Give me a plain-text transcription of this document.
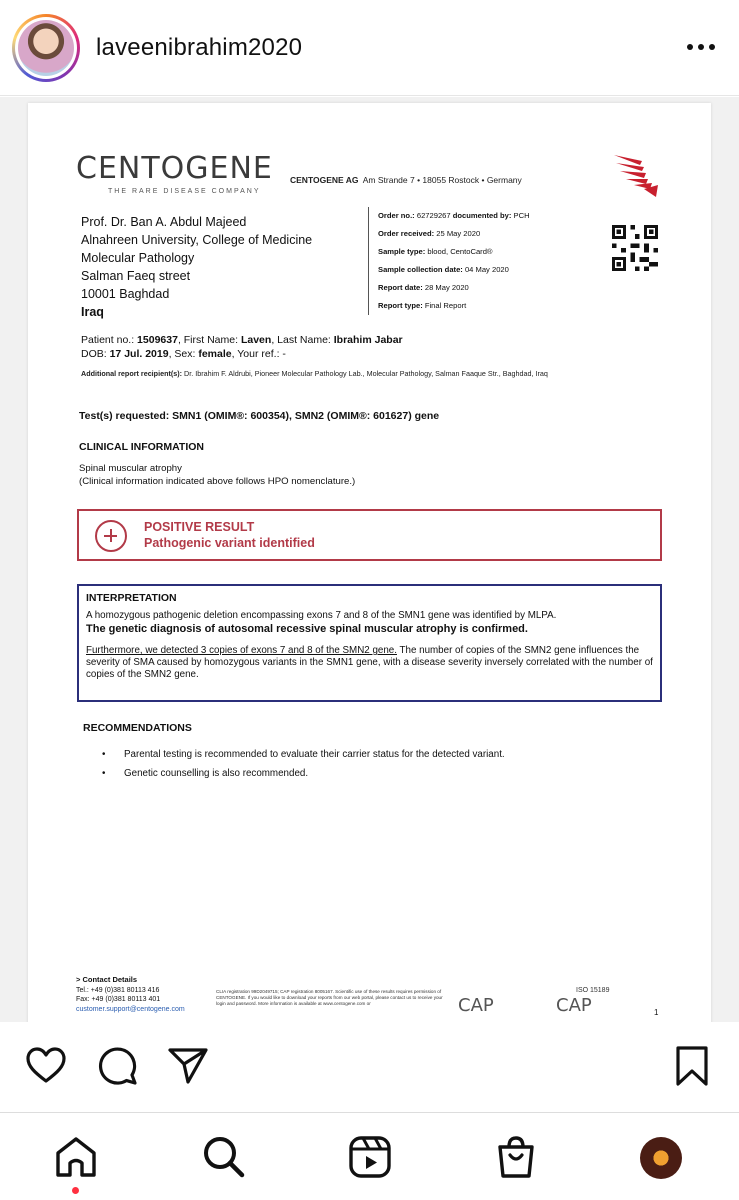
laveenibrahim2020
CENTOGENE
THE RARE DISEASE COMPANY
CENTOGENE AG Am Strande 7 • 18055 Rostock • Germany
Prof. Dr. Ban A. Abdul Majeed
Alnahreen University, College of Medicine
Molecular Pathology
Salman Faeq street
10001 Baghdad
Iraq
Order no.: 62729267 documented by: PCH
Order received: 25 May 2020
Sample type: blood, CentoCard®
Sample collection date: 04 May 2020
Report date: 28 May 2020
Report type: Final Report
Patient no.: 1509637, First Name: Laven, Last Name: Ibrahim Jabar
DOB: 17 Jul. 2019, Sex: female, Your ref.: -
Additional report recipient(s): Dr. Ibrahim F. Aldrubi, Pioneer Molecular Pathology Lab., Molecular Pathology, Salman Faaque Str., Baghdad, Iraq
Test(s) requested: SMN1 (OMIM®: 600354), SMN2 (OMIM®: 601627) gene
CLINICAL INFORMATION
Spinal muscular atrophy
(Clinical information indicated above follows HPO nomenclature.)
POSITIVE RESULT
Pathogenic variant identified
INTERPRETATION
A homozygous pathogenic deletion encompassing exons 7 and 8 of the SMN1 gene was identified by MLPA.
The genetic diagnosis of autosomal recessive spinal muscular atrophy is confirmed.
Furthermore, we detected 3 copies of exons 7 and 8 of the SMN2 gene. The number of copies of the SMN2 gene influences the severity of SMA caused by homozygous variants in the SMN1 gene, with a disease severity inversely correlated with the number of copies of the SMN2 gene.
RECOMMENDATIONS
• Parental testing is recommended to evaluate their carrier status for the detected variant.
• Genetic counselling is also recommended.
> Contact Details
Tel.: +49 (0)381 80113 416
Fax: +49 (0)381 80113 401
customer.support@centogene.com
CLIA registration 99D2049715; CAP registration 8005167. Scientific use of these results requires permission of CENTOGENE. If you would like to download your reports from our web portal, please contact us to receive your login and password. More information is available at www.centogene.com or	CAP
ISO 15189
CAP	1
